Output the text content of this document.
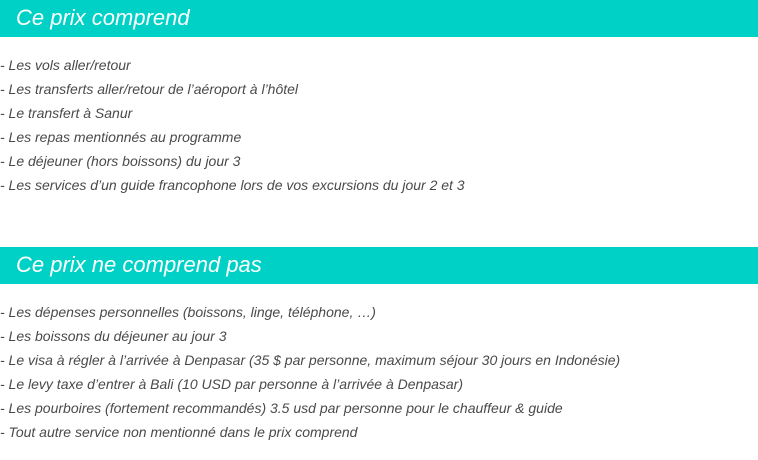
Ce prix comprend
- Les vols aller/retour
- Les transferts aller/retour de l’aéroport à l’hôtel
- Le transfert à Sanur
- Les repas mentionnés au programme
- Le déjeuner (hors boissons) du jour 3
- Les services d’un guide francophone lors de vos excursions du jour 2 et 3
Ce prix ne comprend pas
- Les dépenses personnelles (boissons, linge, téléphone, …)
- Les boissons du déjeuner au jour 3
- Le visa à régler à l’arrivée à Denpasar (35 $ par personne, maximum séjour 30 jours en Indonésie)
- Le levy taxe d’entrer à Bali (10 USD par personne à l’arrivée à Denpasar)
- Les pourboires (fortement recommandés) 3.5 usd par personne pour le chauffeur & guide
- Tout autre service non mentionné dans le prix comprend
